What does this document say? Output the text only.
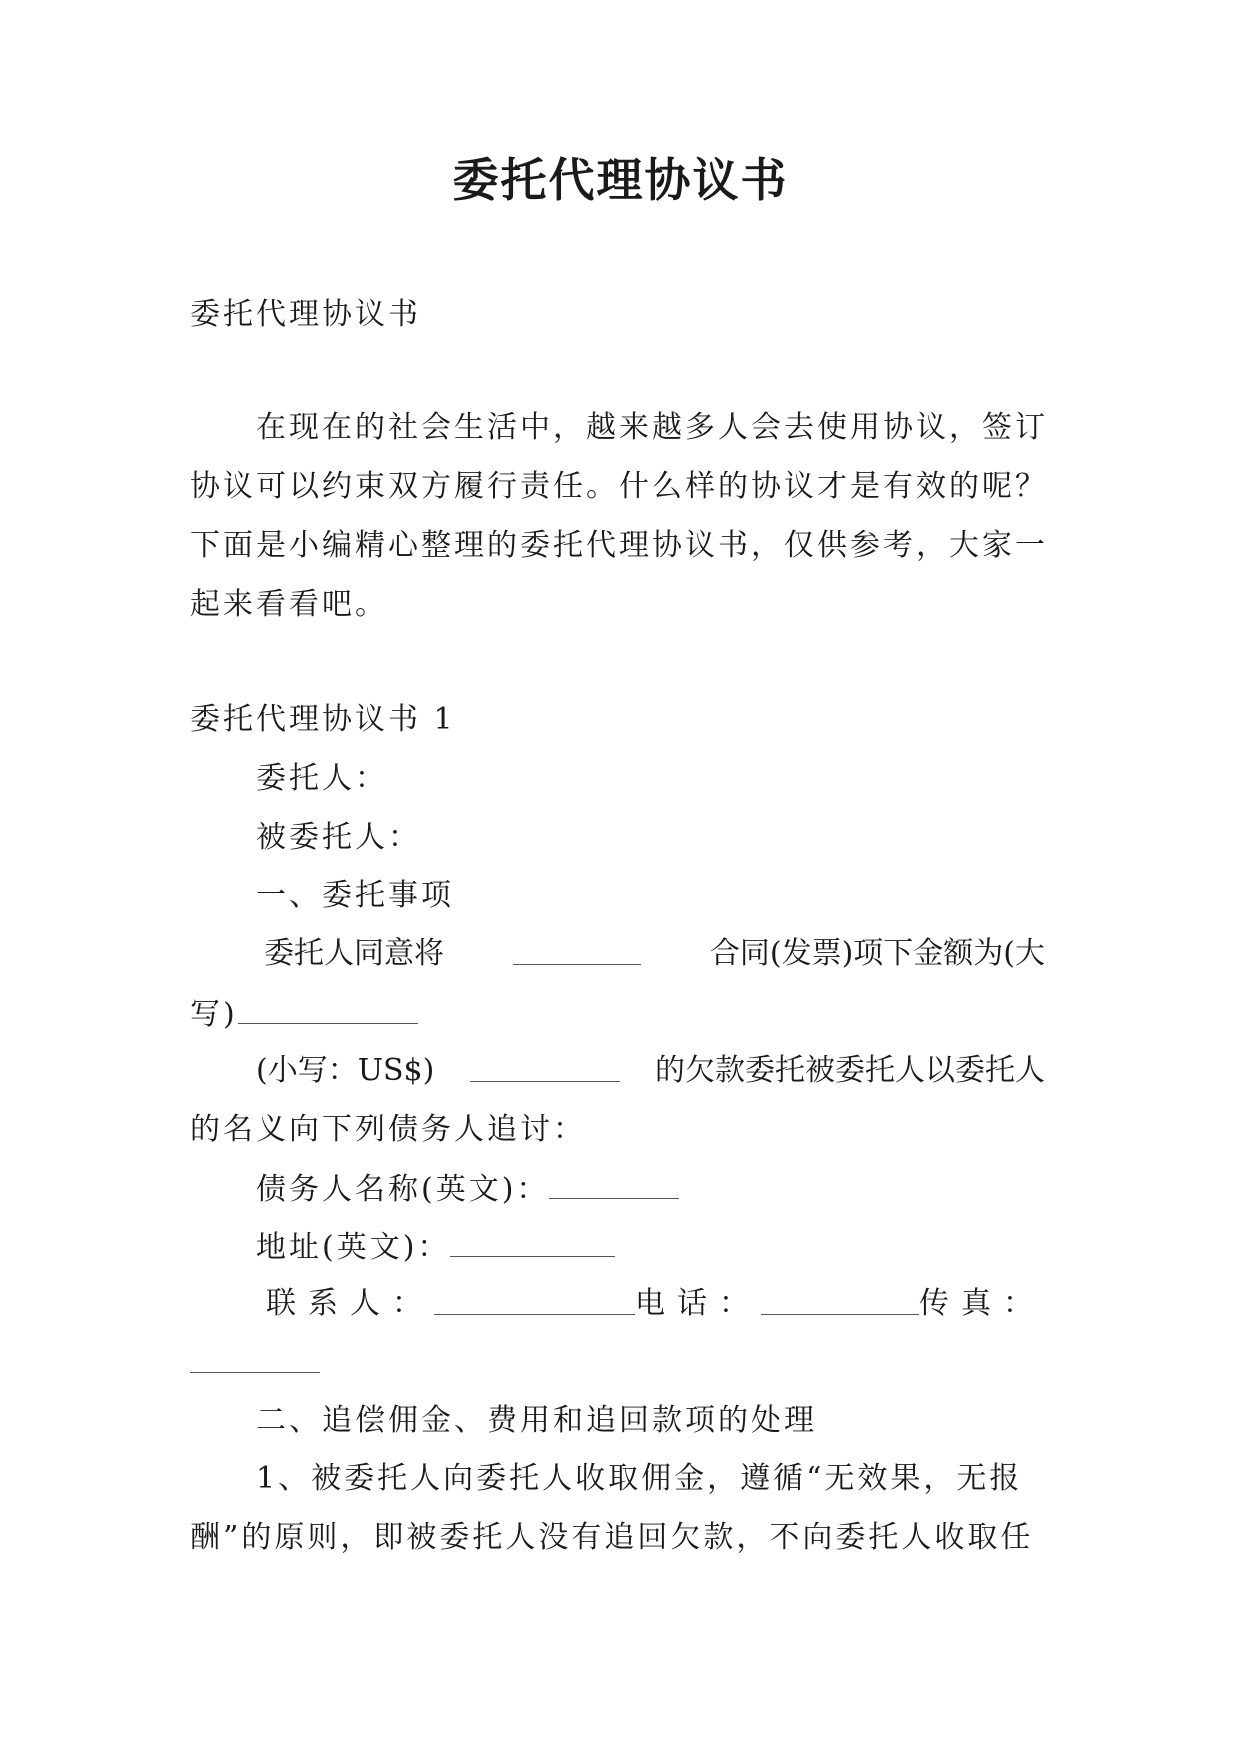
委托代理协议书
委托代理协议书
在现在的社会生活中，越来越多人会去使用协议，签订
协议可以约束双方履行责任。什么样的协议才是有效的呢？
下面是小编精心整理的委托代理协议书，仅供参考，大家一
起来看看吧。
委托代理协议书 1
委托人：
被委托人：
一、委托事项
委托人同意将	合同(发票)项下金额为(大
写)
(小写：US$)	的欠款委托被委托人以委托人
的名义向下列债务人追讨：
债务人名称(英文)：
地址(英文)：
联系人：	电话：	传真：
二、追偿佣金、费用和追回款项的处理
1、被委托人向委托人收取佣金，遵循“无效果，无报
酬”的原则，即被委托人没有追回欠款，不向委托人收取任
